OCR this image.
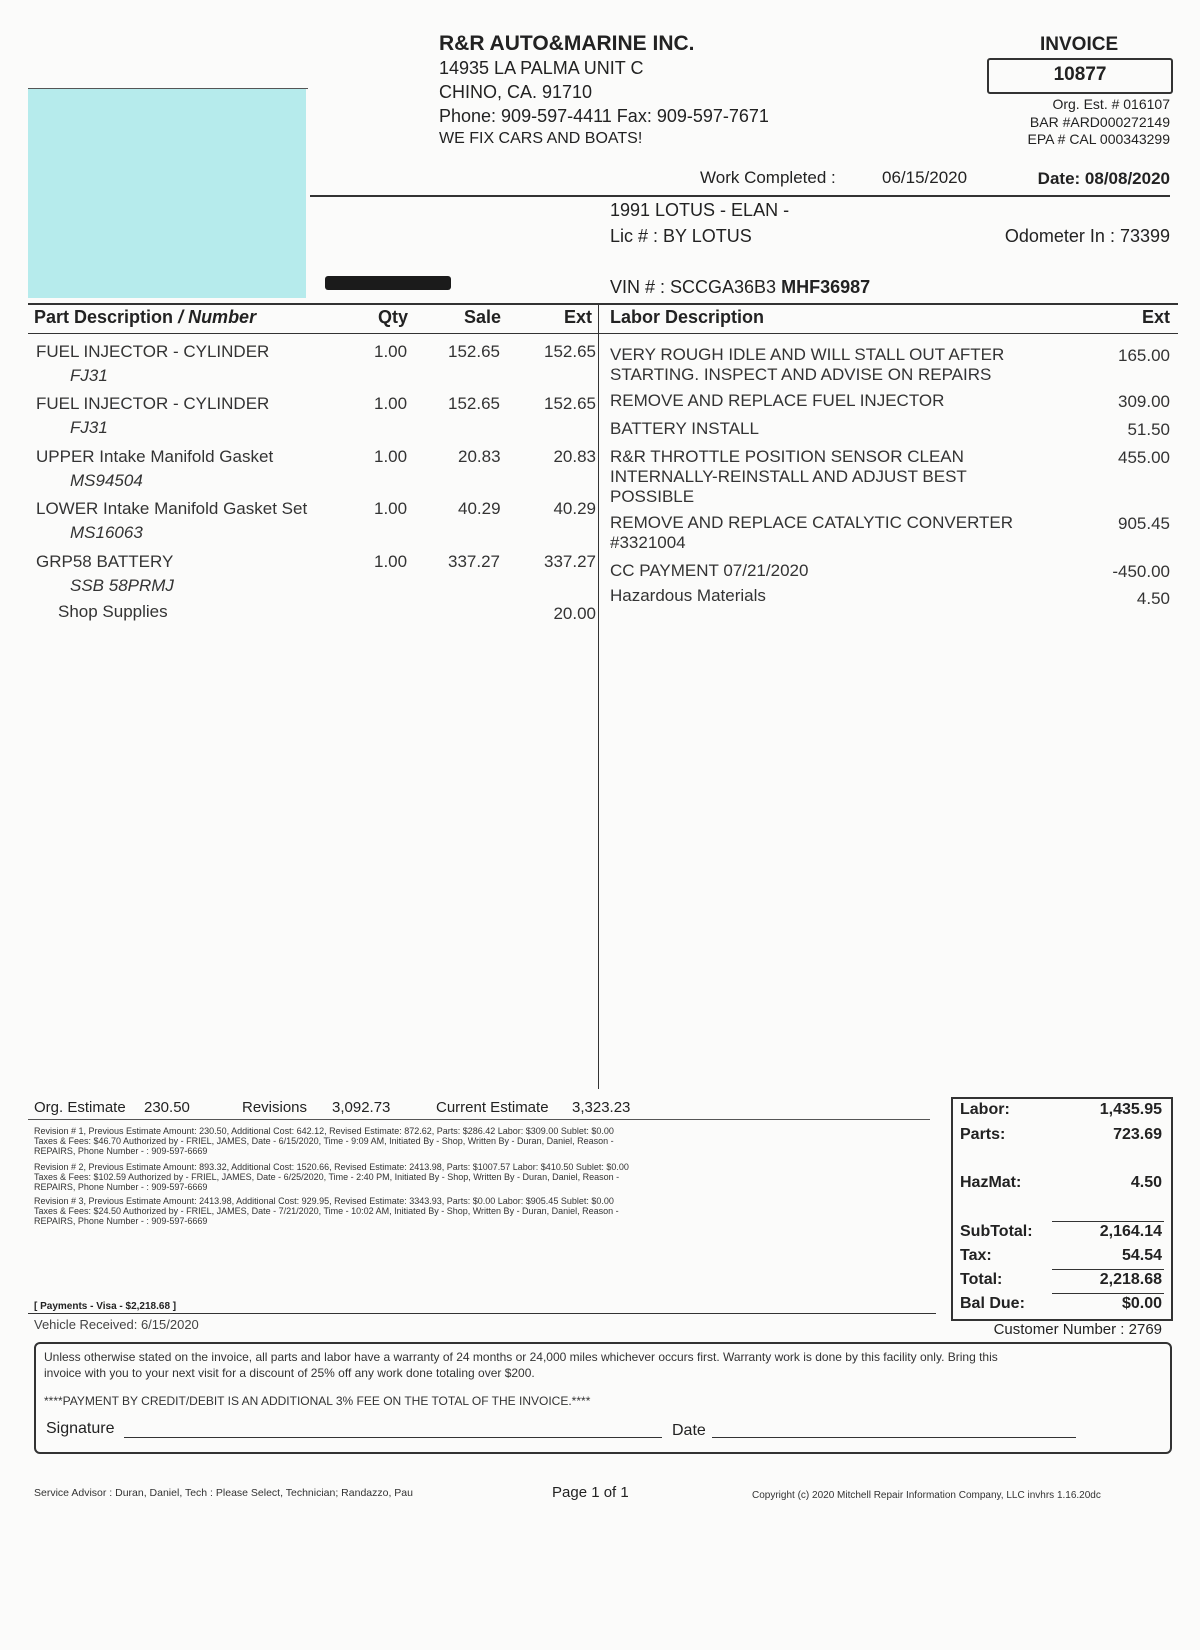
R&R AUTO&MARINE INC.
14935 LA PALMA UNIT C
CHINO, CA. 91710
Phone: 909-597-4411 Fax: 909-597-7671
WE FIX CARS AND BOATS!
INVOICE
10877
Org. Est. # 016107
BAR #ARD000272149
EPA # CAL 000343299
Work Completed :	06/15/2020	Date: 08/08/2020
1991 LOTUS - ELAN -
Lic # : BY LOTUS	Odometer In : 73399
VIN # : SCCGA36B3 MHF36987
Part Description / Number	Qty	Sale	Ext Labor Description	Ext
FUEL INJECTOR - CYLINDER
FJ31
1.00 152.65	152.65
FUEL INJECTOR - CYLINDER
FJ31
1.00 152.65	152.65
UPPER Intake Manifold Gasket
MS94504
1.00	20.83	20.83
LOWER Intake Manifold Gasket Set
MS16063
1.00	40.29	40.29
GRP58 BATTERY
SSB 58PRMJ
1.00 337.27	337.27
Shop Supplies	20.00
VERY ROUGH IDLE AND WILL STALL OUT AFTER
STARTING. INSPECT AND ADVISE ON REPAIRS
165.00
REMOVE AND REPLACE FUEL INJECTOR	309.00
BATTERY INSTALL	51.50
R&R THROTTLE POSITION SENSOR CLEAN
INTERNALLY-REINSTALL AND ADJUST BEST
POSSIBLE
455.00
REMOVE AND REPLACE CATALYTIC CONVERTER
#3321004
905.45
CC PAYMENT 07/21/2020	-450.00
Hazardous Materials	4.50
Org. Estimate 230.50	Revisions 3,092.73	Current Estimate 3,323.23
Revision # 1, Previous Estimate Amount: 230.50, Additional Cost: 642.12, Revised Estimate: 872.62, Parts: $286.42 Labor: $309.00 Sublet: $0.00
Taxes & Fees: $46.70 Authorized by - FRIEL, JAMES, Date - 6/15/2020, Time - 9:09 AM, Initiated By - Shop, Written By - Duran, Daniel, Reason -
REPAIRS, Phone Number - : 909-597-6669
Revision # 2, Previous Estimate Amount: 893.32, Additional Cost: 1520.66, Revised Estimate: 2413.98, Parts: $1007.57 Labor: $410.50 Sublet: $0.00
Taxes & Fees: $102.59 Authorized by - FRIEL, JAMES, Date - 6/25/2020, Time - 2:40 PM, Initiated By - Shop, Written By - Duran, Daniel, Reason -
REPAIRS, Phone Number - : 909-597-6669
Revision # 3, Previous Estimate Amount: 2413.98, Additional Cost: 929.95, Revised Estimate: 3343.93, Parts: $0.00 Labor: $905.45 Sublet: $0.00
Taxes & Fees: $24.50 Authorized by - FRIEL, JAMES, Date - 7/21/2020, Time - 10:02 AM, Initiated By - Shop, Written By - Duran, Daniel, Reason -
REPAIRS, Phone Number - : 909-597-6669
[ Payments - Visa - $2,218.68 ]
Vehicle Received: 6/15/2020
Labor:	1,435.95
Parts:	723.69
HazMat:	4.50
SubTotal:	2,164.14
Tax:	54.54
Total:	2,218.68
Bal Due:	$0.00
Customer Number : 2769
Unless otherwise stated on the invoice, all parts and labor have a warranty of 24 months or 24,000 miles whichever occurs first. Warranty work is done by this facility only. Bring this
invoice with you to your next visit for a discount of 25% off any work done totaling over $200.
****PAYMENT BY CREDIT/DEBIT IS AN ADDITIONAL 3% FEE ON THE TOTAL OF THE INVOICE.****
Signature	Date
Service Advisor : Duran, Daniel, Tech : Please Select, Technician; Randazzo, Pau	Page 1 of 1	Copyright (c) 2020 Mitchell Repair Information Company, LLC invhrs 1.16.20dc
